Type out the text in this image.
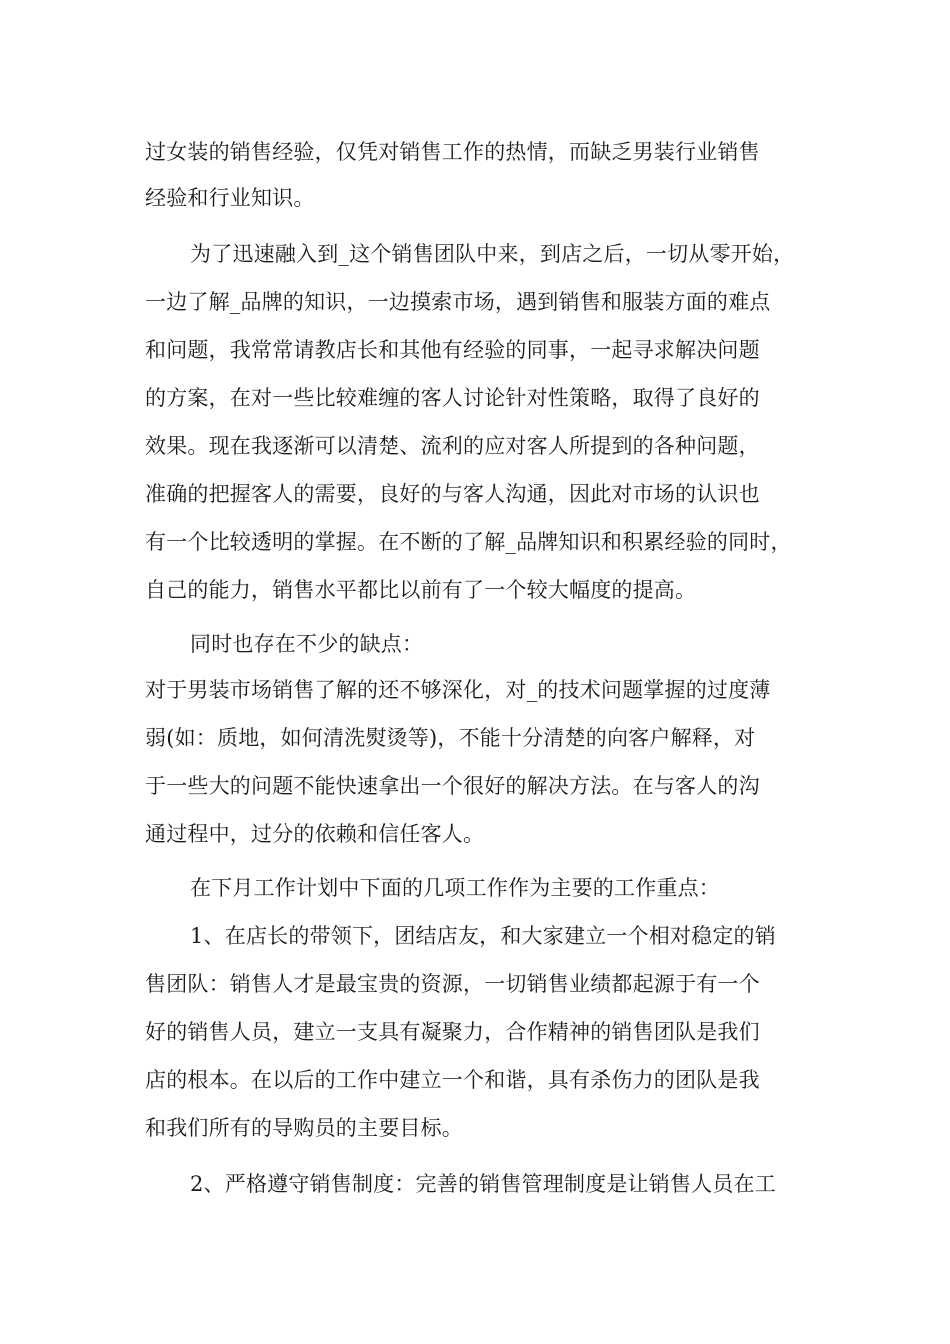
过女装的销售经验，仅凭对销售工作的热情，而缺乏男装行业销售
经验和行业知识。
为了迅速融入到_这个销售团队中来，到店之后，一切从零开始，
一边了解_品牌的知识，一边摸索市场，遇到销售和服装方面的难点
和问题，我常常请教店长和其他有经验的同事，一起寻求解决问题
的方案，在对一些比较难缠的客人讨论针对性策略，取得了良好的
效果。现在我逐渐可以清楚、流利的应对客人所提到的各种问题，
准确的把握客人的需要，良好的与客人沟通，因此对市场的认识也
有一个比较透明的掌握。在不断的了解_品牌知识和积累经验的同时，
自己的能力，销售水平都比以前有了一个较大幅度的提高。
同时也存在不少的缺点：
对于男装市场销售了解的还不够深化，对_的技术问题掌握的过度薄
弱(如：质地，如何清洗熨烫等)，不能十分清楚的向客户解释，对
于一些大的问题不能快速拿出一个很好的解决方法。在与客人的沟
通过程中，过分的依赖和信任客人。
在下月工作计划中下面的几项工作作为主要的工作重点：
1、在店长的带领下，团结店友，和大家建立一个相对稳定的销
售团队：销售人才是最宝贵的资源，一切销售业绩都起源于有一个
好的销售人员，建立一支具有凝聚力，合作精神的销售团队是我们
店的根本。在以后的工作中建立一个和谐，具有杀伤力的团队是我
和我们所有的导购员的主要目标。
2、严格遵守销售制度：完善的销售管理制度是让销售人员在工
